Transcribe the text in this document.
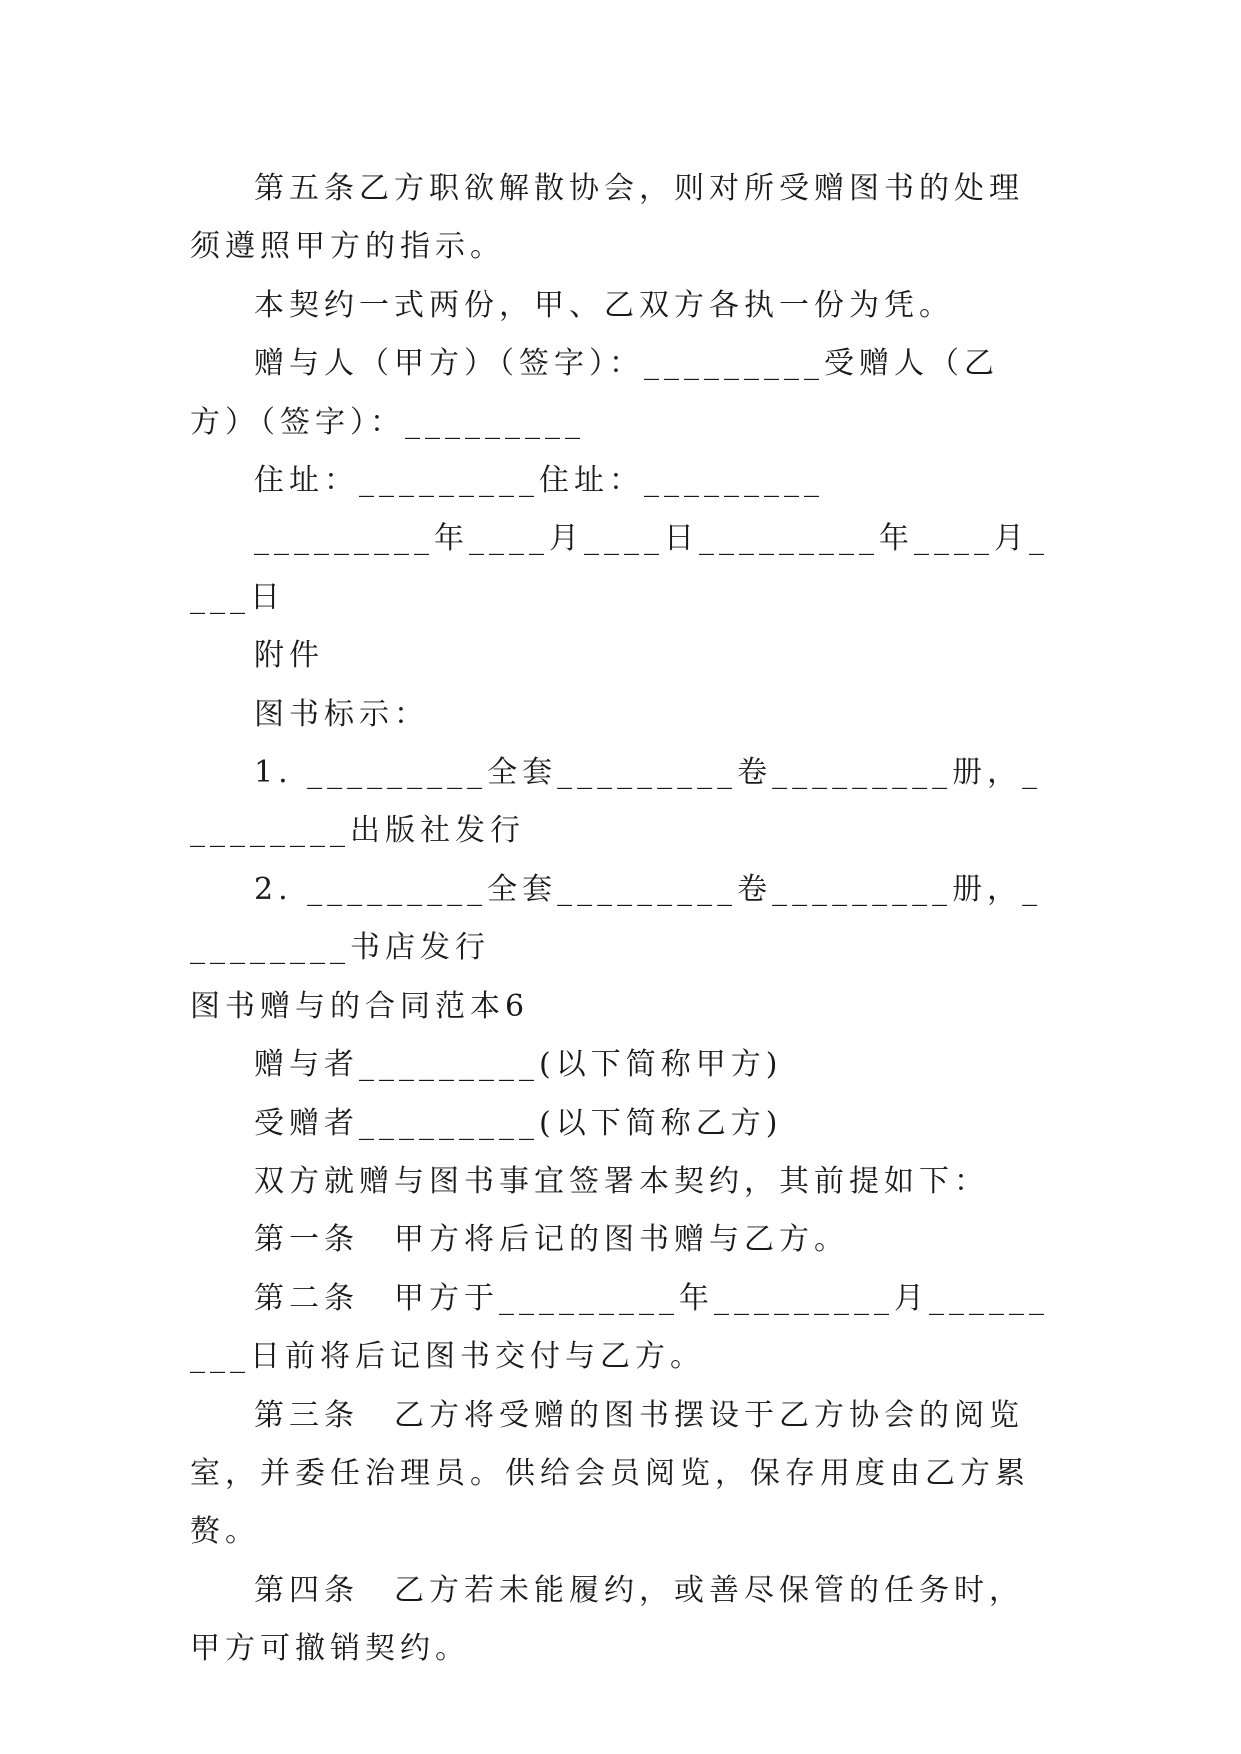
第五条乙方职欲解散协会，则对所受赠图书的处理须遵照甲方的指示。

本契约一式两份，甲、乙双方各执一份为凭。

赠与人（甲方）（签字）：_________受赠人（乙方）（签字）：_________

住址：_________住址：_________

_________年____月____日_________年____月____日

附件

图书标示：

1. _________全套_________卷_________册，_________出版社发行

2. _________全套_________卷_________册，_________书店发行

图书赠与的合同范本6

赠与者_________(以下简称甲方)

受赠者_________(以下简称乙方)

双方就赠与图书事宜签署本契约，其前提如下：

第一条　甲方将后记的图书赠与乙方。

第二条　甲方于_________年_________月_________日前将后记图书交付与乙方。

第三条　乙方将受赠的图书摆设于乙方协会的阅览室，并委任治理员。供给会员阅览，保存用度由乙方累赘。

第四条　乙方若未能履约，或善尽保管的任务时，甲方可撤销契约。
